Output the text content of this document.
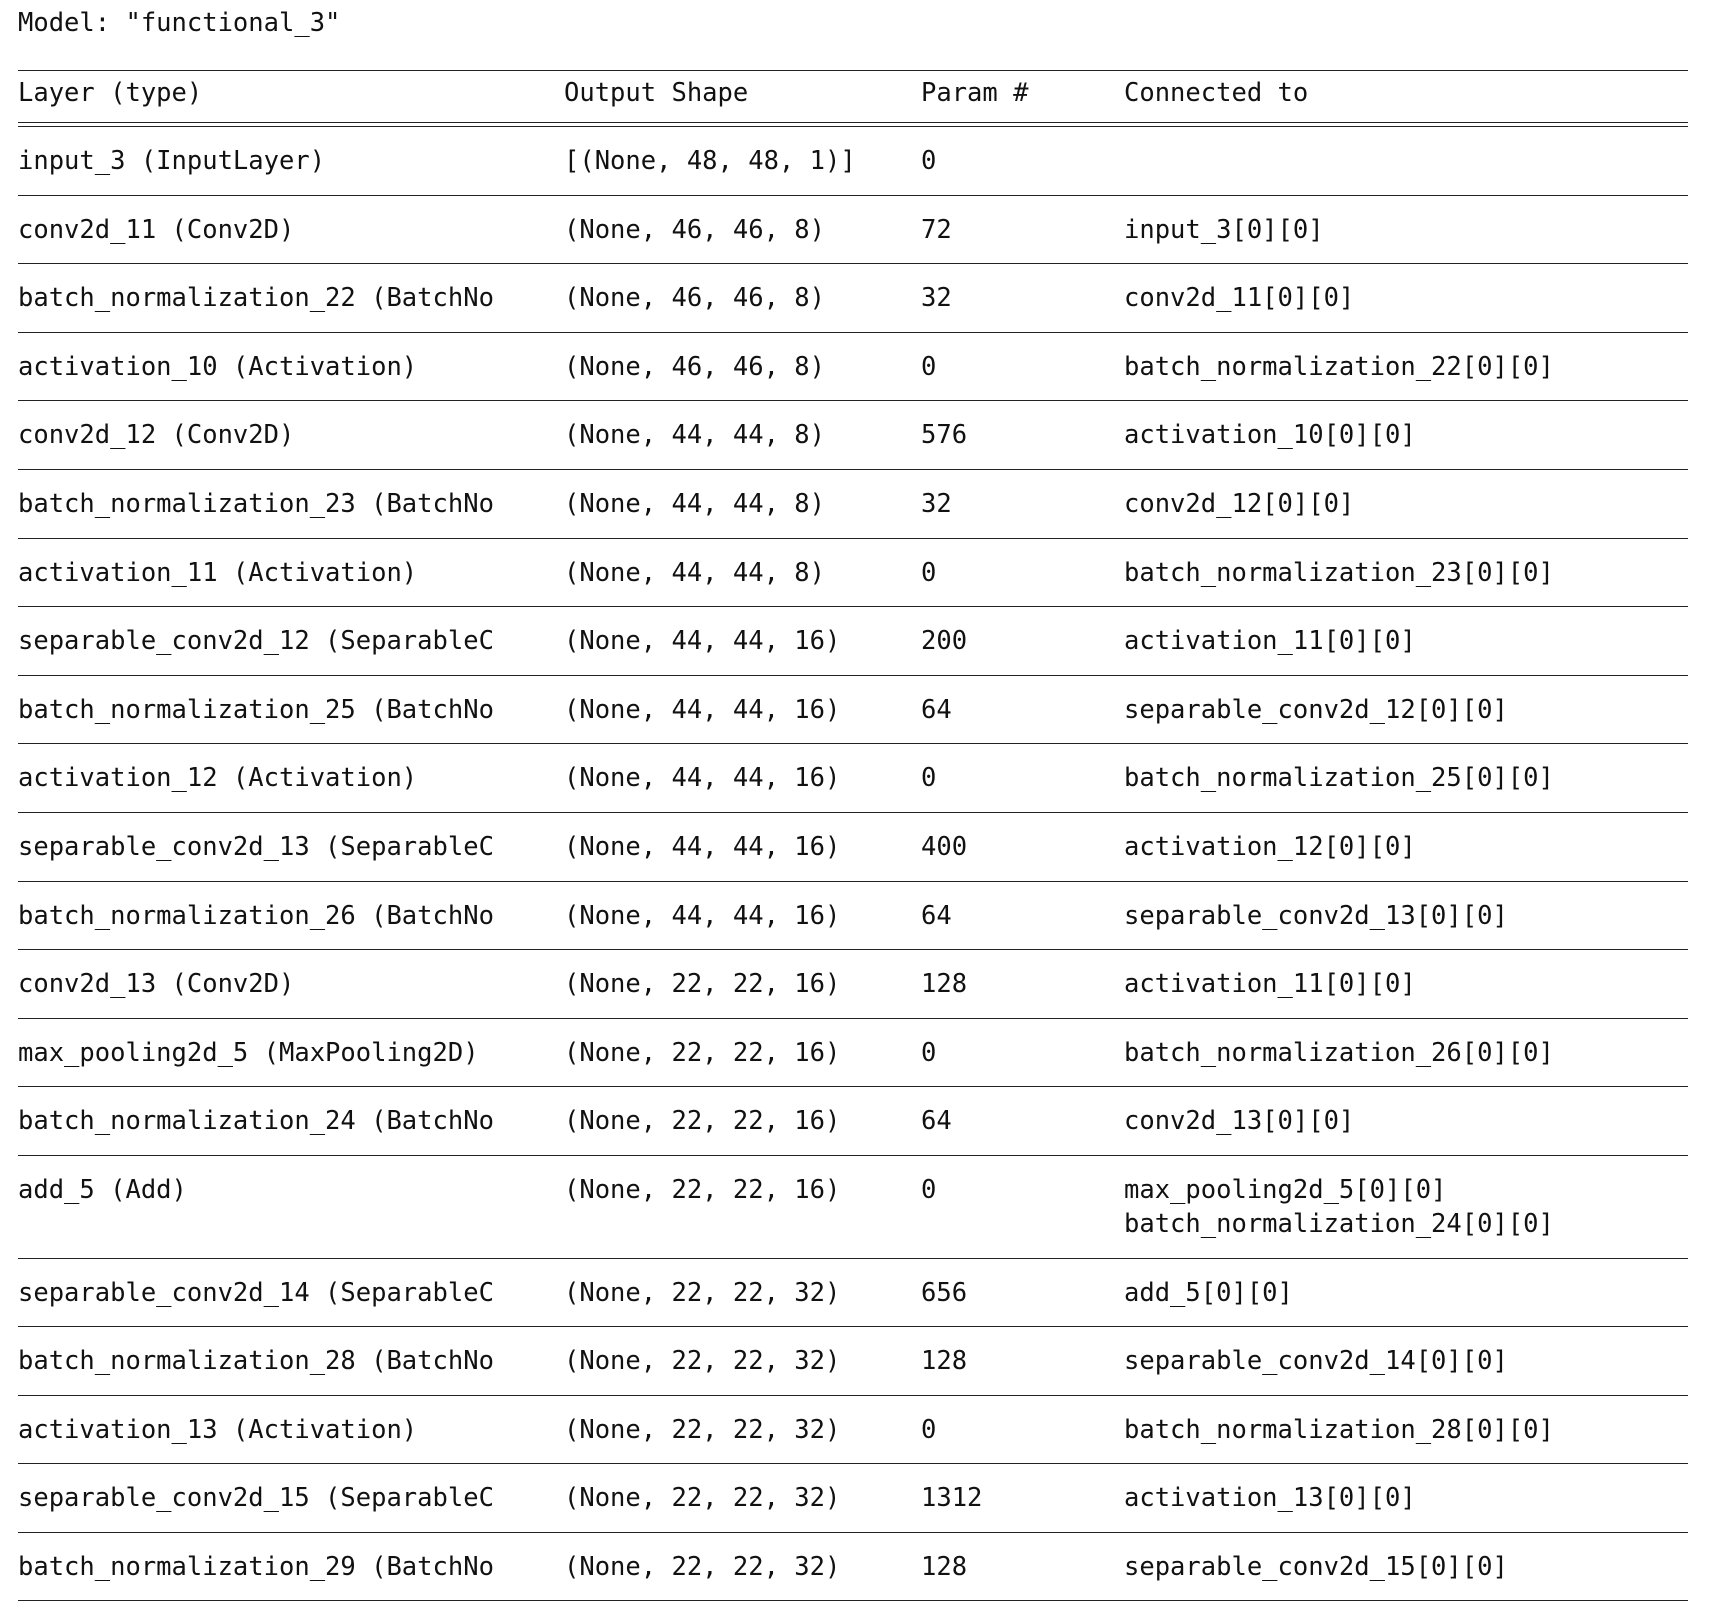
Model: "functional_3"
Layer (type)	Output Shape	Param #	Connected to
input_3 (InputLayer)	[(None, 48, 48, 1)]	0
conv2d_11 (Conv2D)	(None, 46, 46, 8)	72	input_3[0][0]
batch_normalization_22 (BatchNo	(None, 46, 46, 8)	32	conv2d_11[0][0]
activation_10 (Activation)	(None, 46, 46, 8)	0	batch_normalization_22[0][0]
conv2d_12 (Conv2D)	(None, 44, 44, 8)	576	activation_10[0][0]
batch_normalization_23 (BatchNo	(None, 44, 44, 8)	32	conv2d_12[0][0]
activation_11 (Activation)	(None, 44, 44, 8)	0	batch_normalization_23[0][0]
separable_conv2d_12 (SeparableC	(None, 44, 44, 16)	200	activation_11[0][0]
batch_normalization_25 (BatchNo	(None, 44, 44, 16)	64	separable_conv2d_12[0][0]
activation_12 (Activation)	(None, 44, 44, 16)	0	batch_normalization_25[0][0]
separable_conv2d_13 (SeparableC	(None, 44, 44, 16)	400	activation_12[0][0]
batch_normalization_26 (BatchNo	(None, 44, 44, 16)	64	separable_conv2d_13[0][0]
conv2d_13 (Conv2D)	(None, 22, 22, 16)	128	activation_11[0][0]
max_pooling2d_5 (MaxPooling2D)	(None, 22, 22, 16)	0	batch_normalization_26[0][0]
batch_normalization_24 (BatchNo	(None, 22, 22, 16)	64	conv2d_13[0][0]
add_5 (Add)	(None, 22, 22, 16)	0	max_pooling2d_5[0][0]
batch_normalization_24[0][0]
separable_conv2d_14 (SeparableC	(None, 22, 22, 32)	656	add_5[0][0]
batch_normalization_28 (BatchNo	(None, 22, 22, 32)	128	separable_conv2d_14[0][0]
activation_13 (Activation)	(None, 22, 22, 32)	0	batch_normalization_28[0][0]
separable_conv2d_15 (SeparableC	(None, 22, 22, 32)	1312	activation_13[0][0]
batch_normalization_29 (BatchNo	(None, 22, 22, 32)	128	separable_conv2d_15[0][0]
